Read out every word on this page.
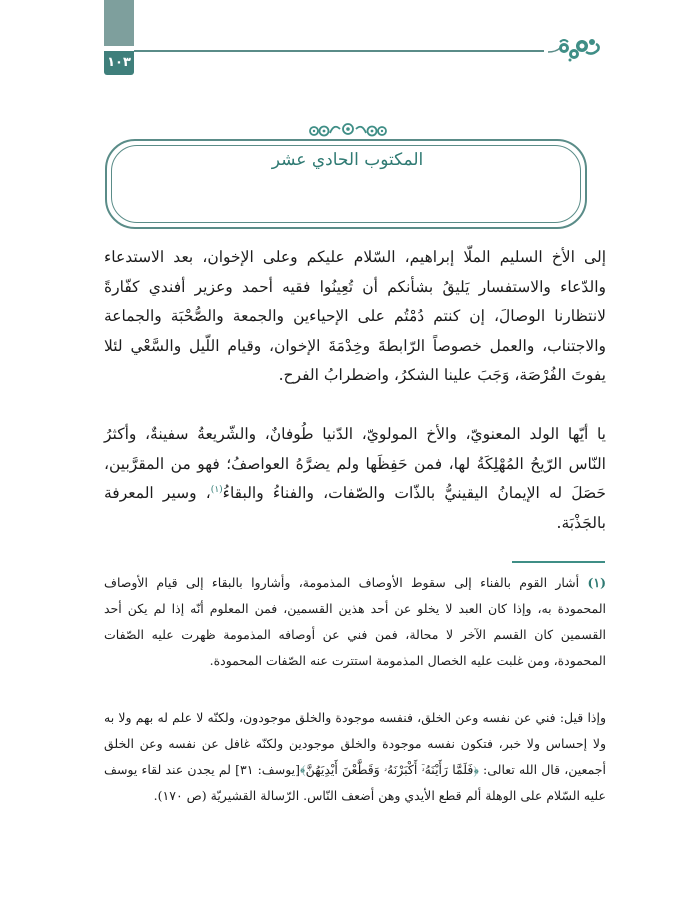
١٠٣
المكتوب الحادي عشر

إلى الأخ السليم الملّا إبراهيم، السّلام عليكم وعلى الإخوان، بعد الاستدعاء والدّعاء والاستفسار يَليقُ بشأنكم أن تُعِينُوا فقيه أحمد وعزير أفندي كفّارةً لانتظارنا الوصالَ، إن كنتم دُمْتُم على الإحياءين والجمعة والصُّحْبَة والجماعة والاجتناب، والعمل خصوصاً الرّابطةَ وخِدْمَةَ الإخوان، وقيام اللّيل والسَّعْي لئلا يفوتَ الفُرْصَة، وَجَبَ علينا الشكرُ، واضطرابُ الفرح.

يا أيّها الولد المعنويّ، والأخ المولويّ، الدّنيا طُوفانٌ، والشّريعةُ سفينةٌ، وأكثرُ النّاس الرّيحُ المُهْلِكَةُ لها، فمن حَفِظَها ولم يضرَّهُ العواصفُ؛ فهو من المقرَّبين، حَصَلَ له الإيمانُ اليقينيُّ بالذّات والصّفات، والفناءُ والبقاءُ$^{(١)}$، وسير المعرفة بالجَذْبَة.

(١) أشار القوم بالفناء إلى سقوط الأوصاف المذمومة، وأشاروا بالبقاء إلى قيام الأوصاف المحمودة به، وإذا كان العبد لا يخلو عن أحد هذين القسمين، فمن المعلوم أنّه إذا لم يكن أحد القسمين كان القسم الآخر لا محالة، فمن فني عن أوصافه المذمومة ظهرت عليه الصّفات المحمودة، ومن غلبت عليه الخصال المذمومة استترت عنه الصّفات المحمودة.

وإذا قيل: فني عن نفسه وعن الخلق، فنفسه موجودة والخلق موجودون، ولكنّه لا علم له بهم ولا به ولا إحساس ولا خبر، فتكون نفسه موجودة والخلق موجودين ولكنّه غافل عن نفسه وعن الخلق أجمعين، قال الله تعالى: ﴿فَلَمَّا رَأَيْنَهُۥٓ أَكْبَرْنَهُۥ وَقَطَّعْنَ أَيْدِيَهُنَّ﴾[يوسف: ٣١] لم يجدن عند لقاء يوسف عليه السّلام على الوهلة ألم قطع الأيدي وهن أضعف النّاس. الرّسالة القشيريّة (ص ١٧٠).
